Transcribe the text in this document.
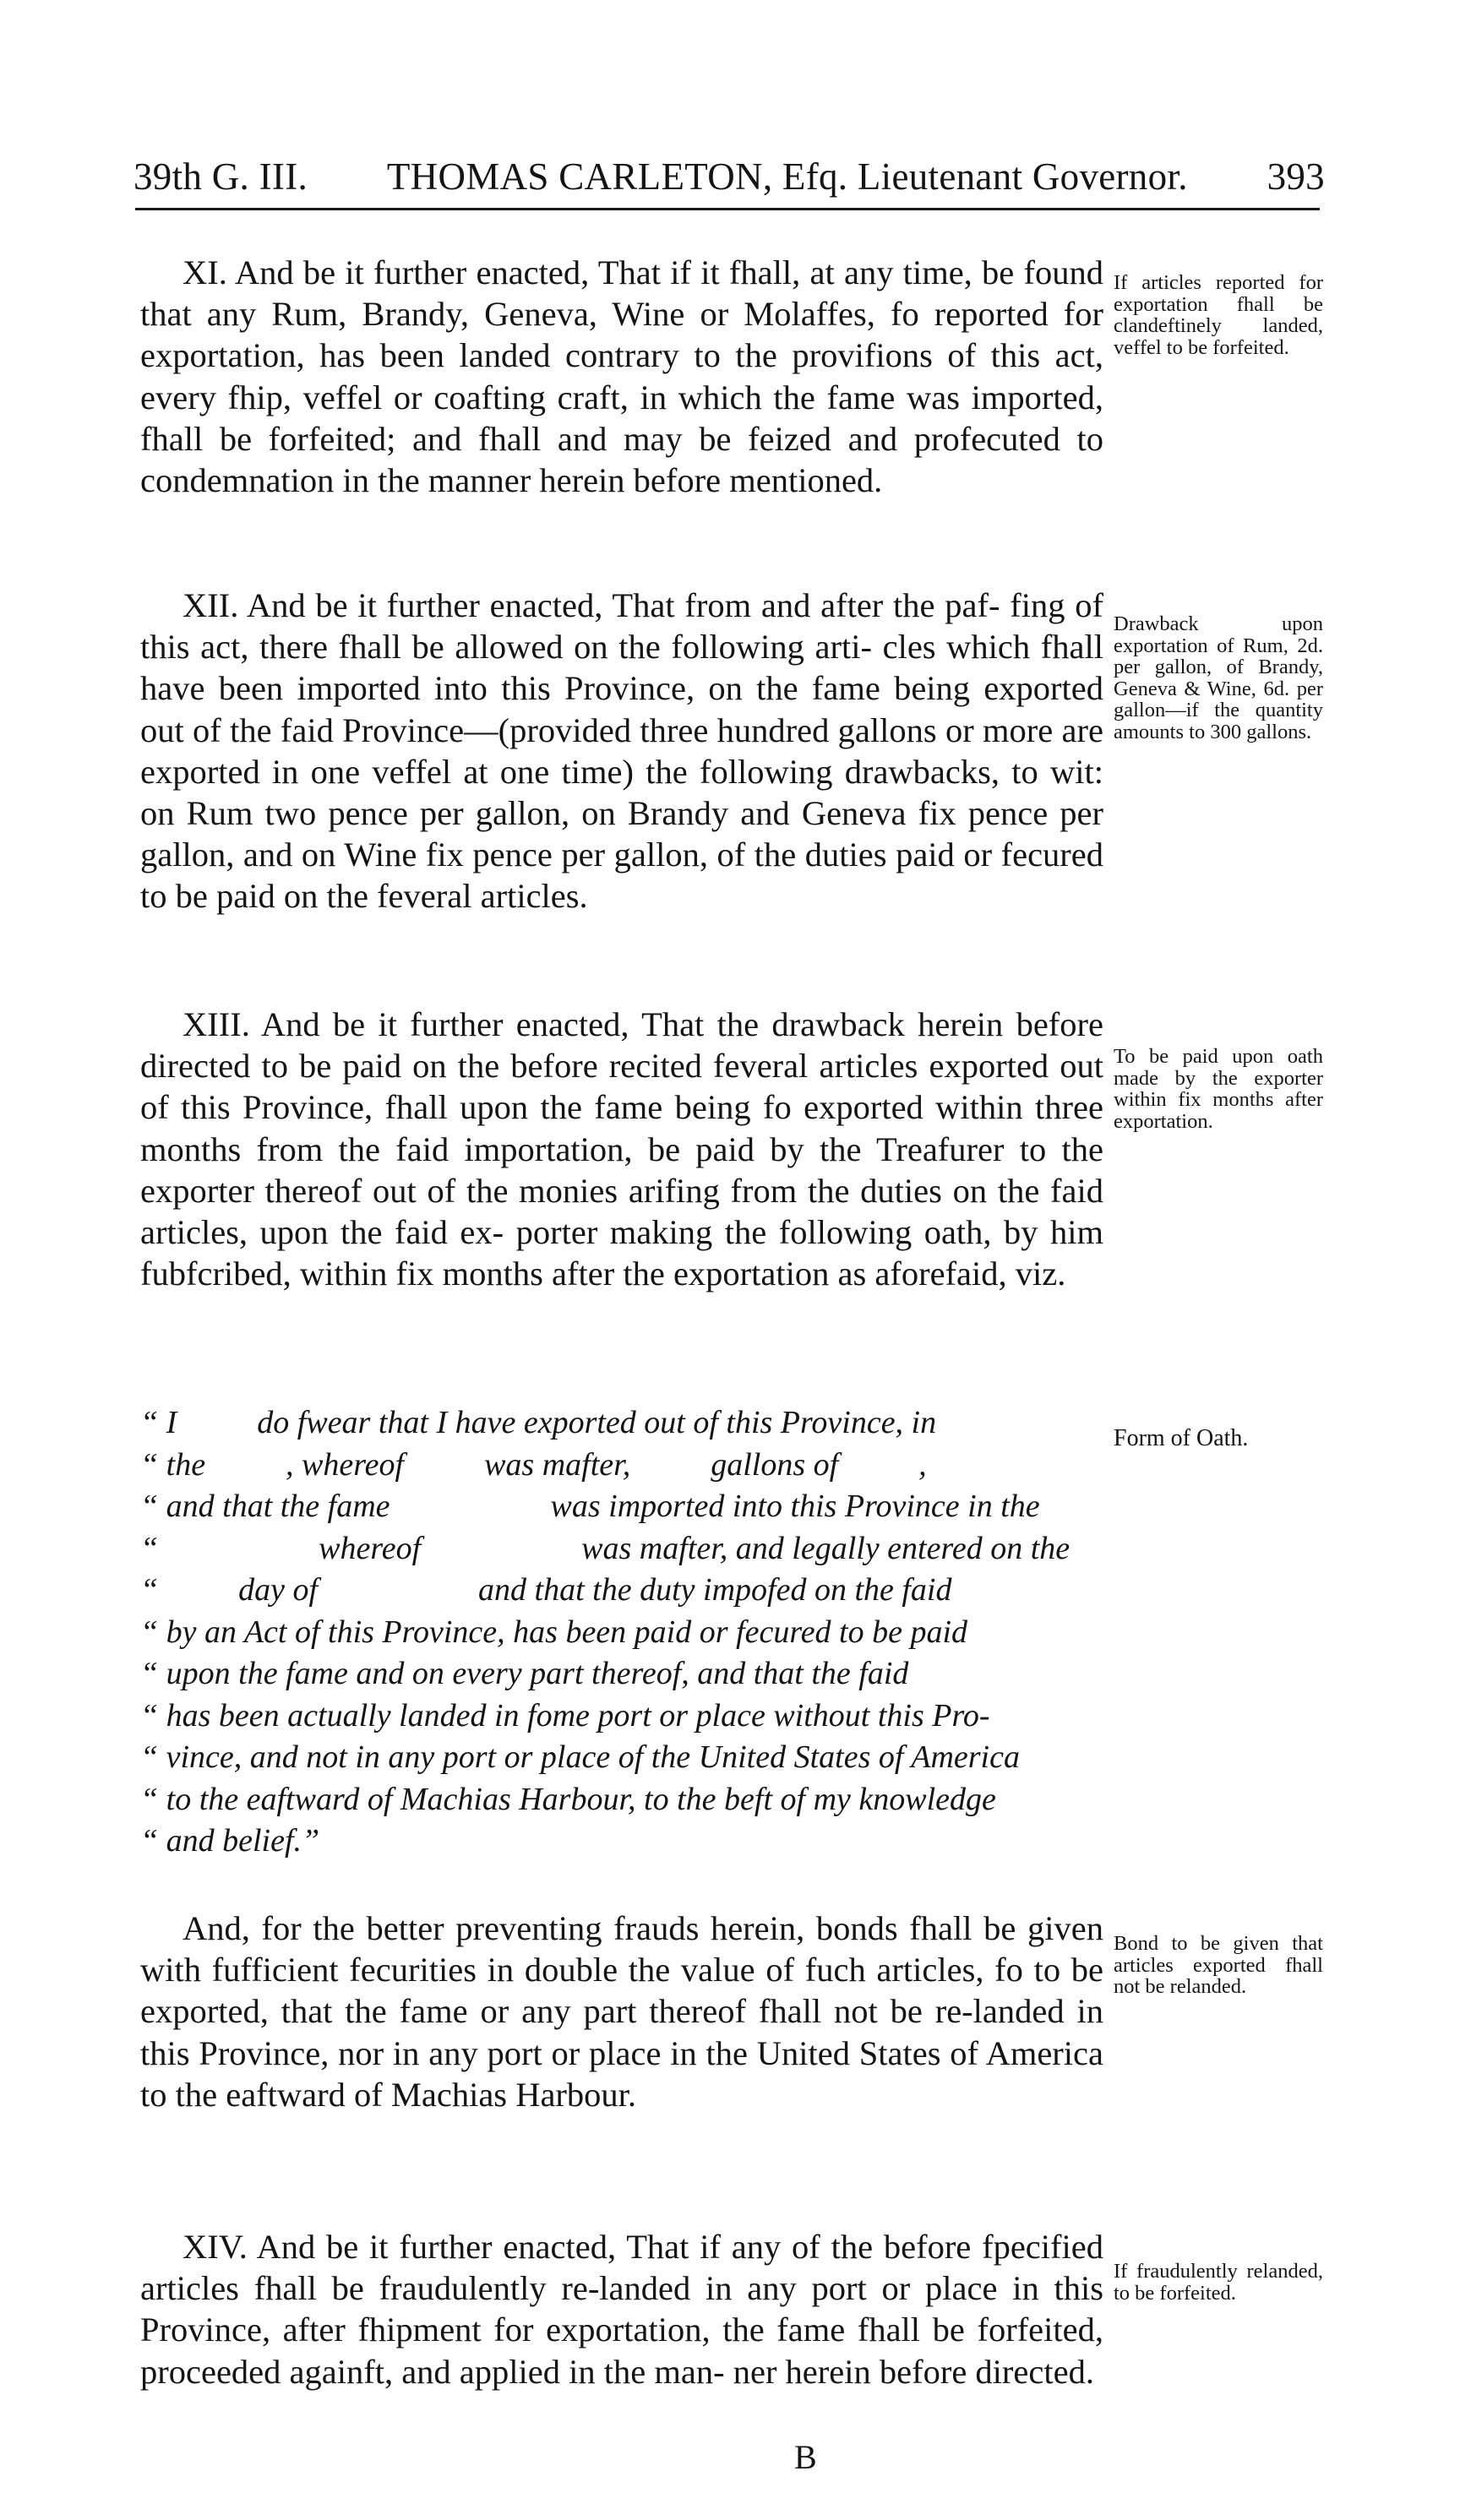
39th G. III. THOMAS CARLETON, Efq. Lieutenant Governor. 393

XI. And be it further enacted, That if it fhall, at any time, be found that any Rum, Brandy, Geneva, Wine or Molaffes, fo reported for exportation, has been landed contrary to the provifions of this act, every fhip, veffel or coafting craft, in which the fame was imported, fhall be forfeited; and fhall and may be feized and profecuted to condemnation in the manner herein before mentioned.

If articles reported for exportation fhall be clandeftinely landed, veffel to be forfeited.

XII. And be it further enacted, That from and after the paf- fing of this act, there fhall be allowed on the following arti- cles which fhall have been imported into this Province, on the fame being exported out of the faid Province—(provided three hundred gallons or more are exported in one veffel at one time) the following drawbacks, to wit: on Rum two pence per gallon, on Brandy and Geneva fix pence per gallon, and on Wine fix pence per gallon, of the duties paid or fecured to be paid on the feveral articles.

Drawback upon exportation of Rum, 2d. per gallon, of Brandy, Geneva & Wine, 6d. per gallon—if the quantity amounts to 300 gallons.

XIII. And be it further enacted, That the drawback herein before directed to be paid on the before recited feveral articles exported out of this Province, fhall upon the fame being fo exported within three months from the faid importation, be paid by the Treafurer to the exporter thereof out of the monies arifing from the duties on the faid articles, upon the faid ex- porter making the following oath, by him fubfcribed, within fix months after the exportation as aforefaid, viz.

To be paid upon oath made by the exporter within fix months after exportation.

“ I          do fwear that I have exported out of this Province, in

“ the          , whereof          was mafter,          gallons of          ,

“ and that the fame                    was imported into this Province in the

“                    whereof                    was mafter, and legally entered on the

“          day of                    and that the duty impofed on the faid

“ by an Act of this Province, has been paid or fecured to be paid

“ upon the fame and on every part thereof, and that the faid

“ has been actually landed in fome port or place without this Pro-

“ vince, and not in any port or place of the United States of America

“ to the eaftward of Machias Harbour, to the beft of my knowledge

“ and belief.”

Form of Oath.

And, for the better preventing frauds herein, bonds fhall be given with fufficient fecurities in double the value of fuch articles, fo to be exported, that the fame or any part thereof fhall not be re-landed in this Province, nor in any port or place in the United States of America to the eaftward of Machias Harbour.

Bond to be given that articles exported fhall not be relanded.

XIV. And be it further enacted, That if any of the before fpecified articles fhall be fraudulently re-landed in any port or place in this Province, after fhipment for exportation, the fame fhall be forfeited, proceeded againft, and applied in the man- ner herein before directed.

If fraudulently relanded, to be forfeited.

B
